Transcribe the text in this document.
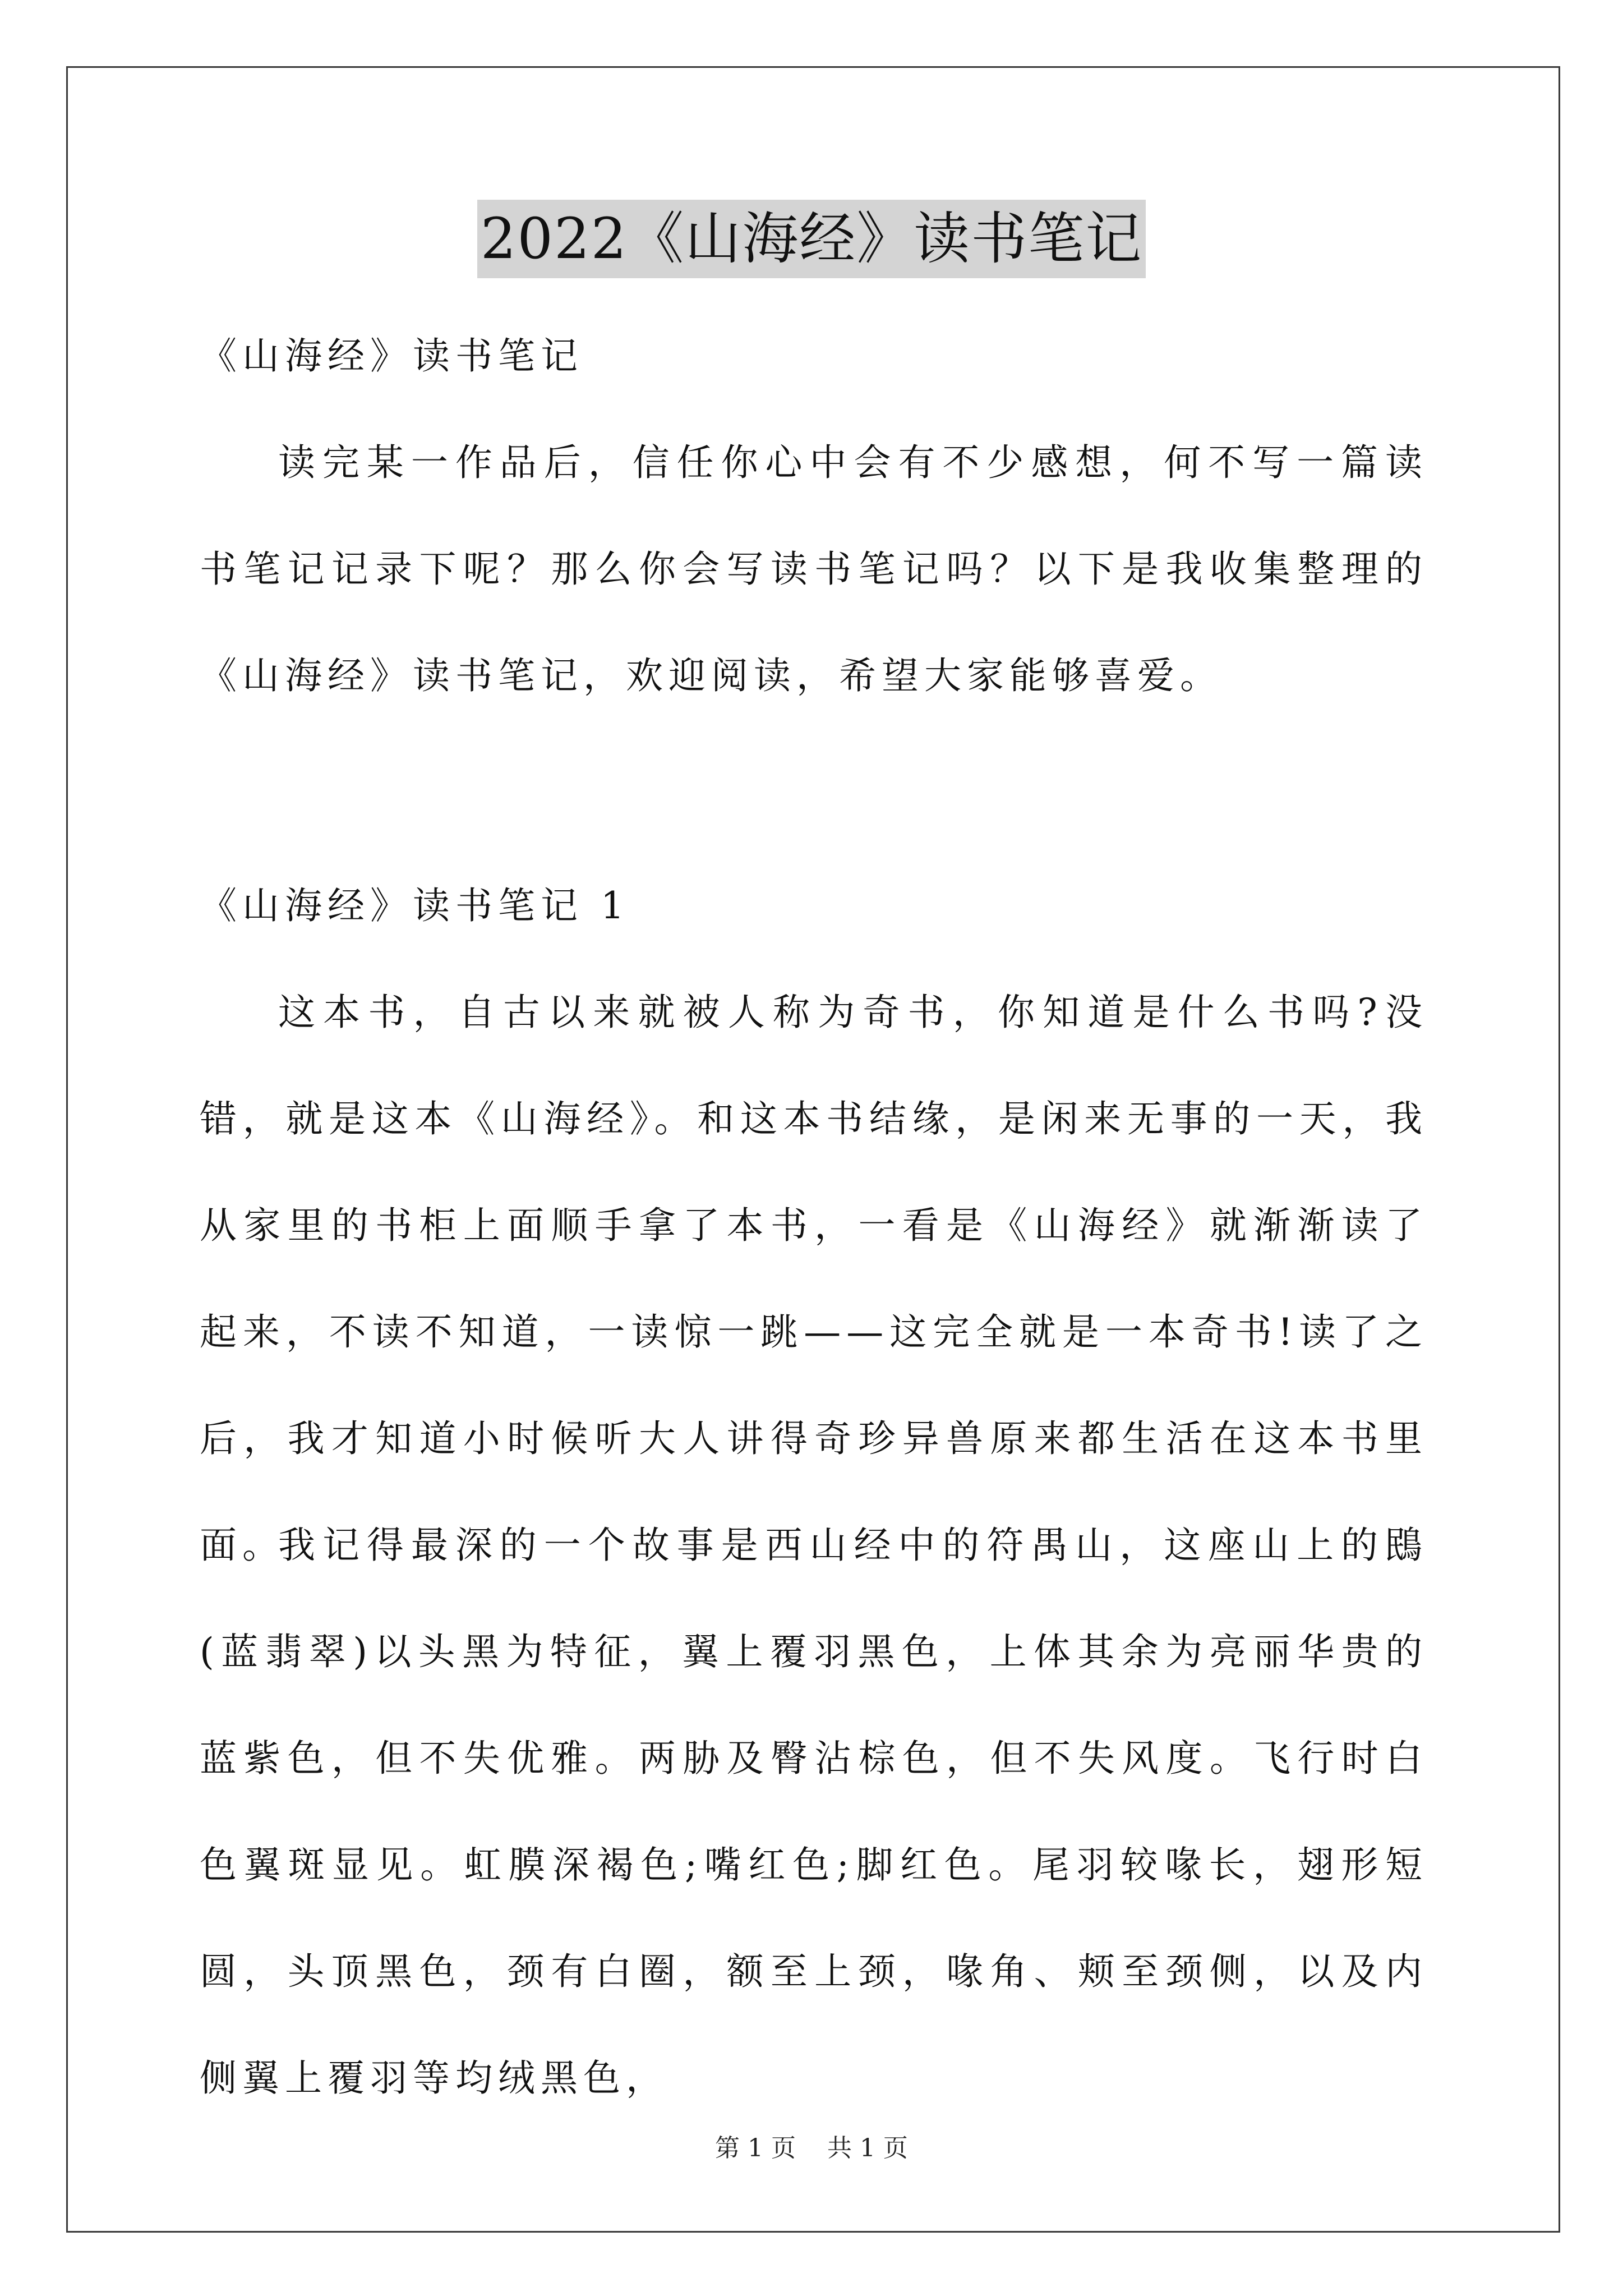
2022《山海经》读书笔记

《山海经》读书笔记

读完某一作品后，信任你心中会有不少感想，何不写一篇读书笔记记录下呢？那么你会写读书笔记吗？以下是我收集整理的《山海经》读书笔记，欢迎阅读，希望大家能够喜爱。

《山海经》读书笔记 1

这本书，自古以来就被人称为奇书，你知道是什么书吗?没错，就是这本《山海经》。和这本书结缘，是闲来无事的一天，我从家里的书柜上面顺手拿了本书，一看是《山海经》就渐渐读了起来，不读不知道，一读惊一跳——这完全就是一本奇书!读了之后，我才知道小时候听大人讲得奇珍异兽原来都生活在这本书里面。

我记得最深的一个故事是西山经中的符禺山，这座山上的鴖(蓝翡翠)以头黑为特征，翼上覆羽黑色，上体其余为亮丽华贵的蓝紫色，但不失优雅。两胁及臀沾棕色，但不失风度。飞行时白色翼斑显见。虹膜深褐色;嘴红色;脚红色。尾羽较喙长，翅形短圆，头顶黑色，颈有白圈，额至上颈，喙角、颊至颈侧，以及内侧翼上覆羽等均绒黑色，

第 1 页    共 1 页
